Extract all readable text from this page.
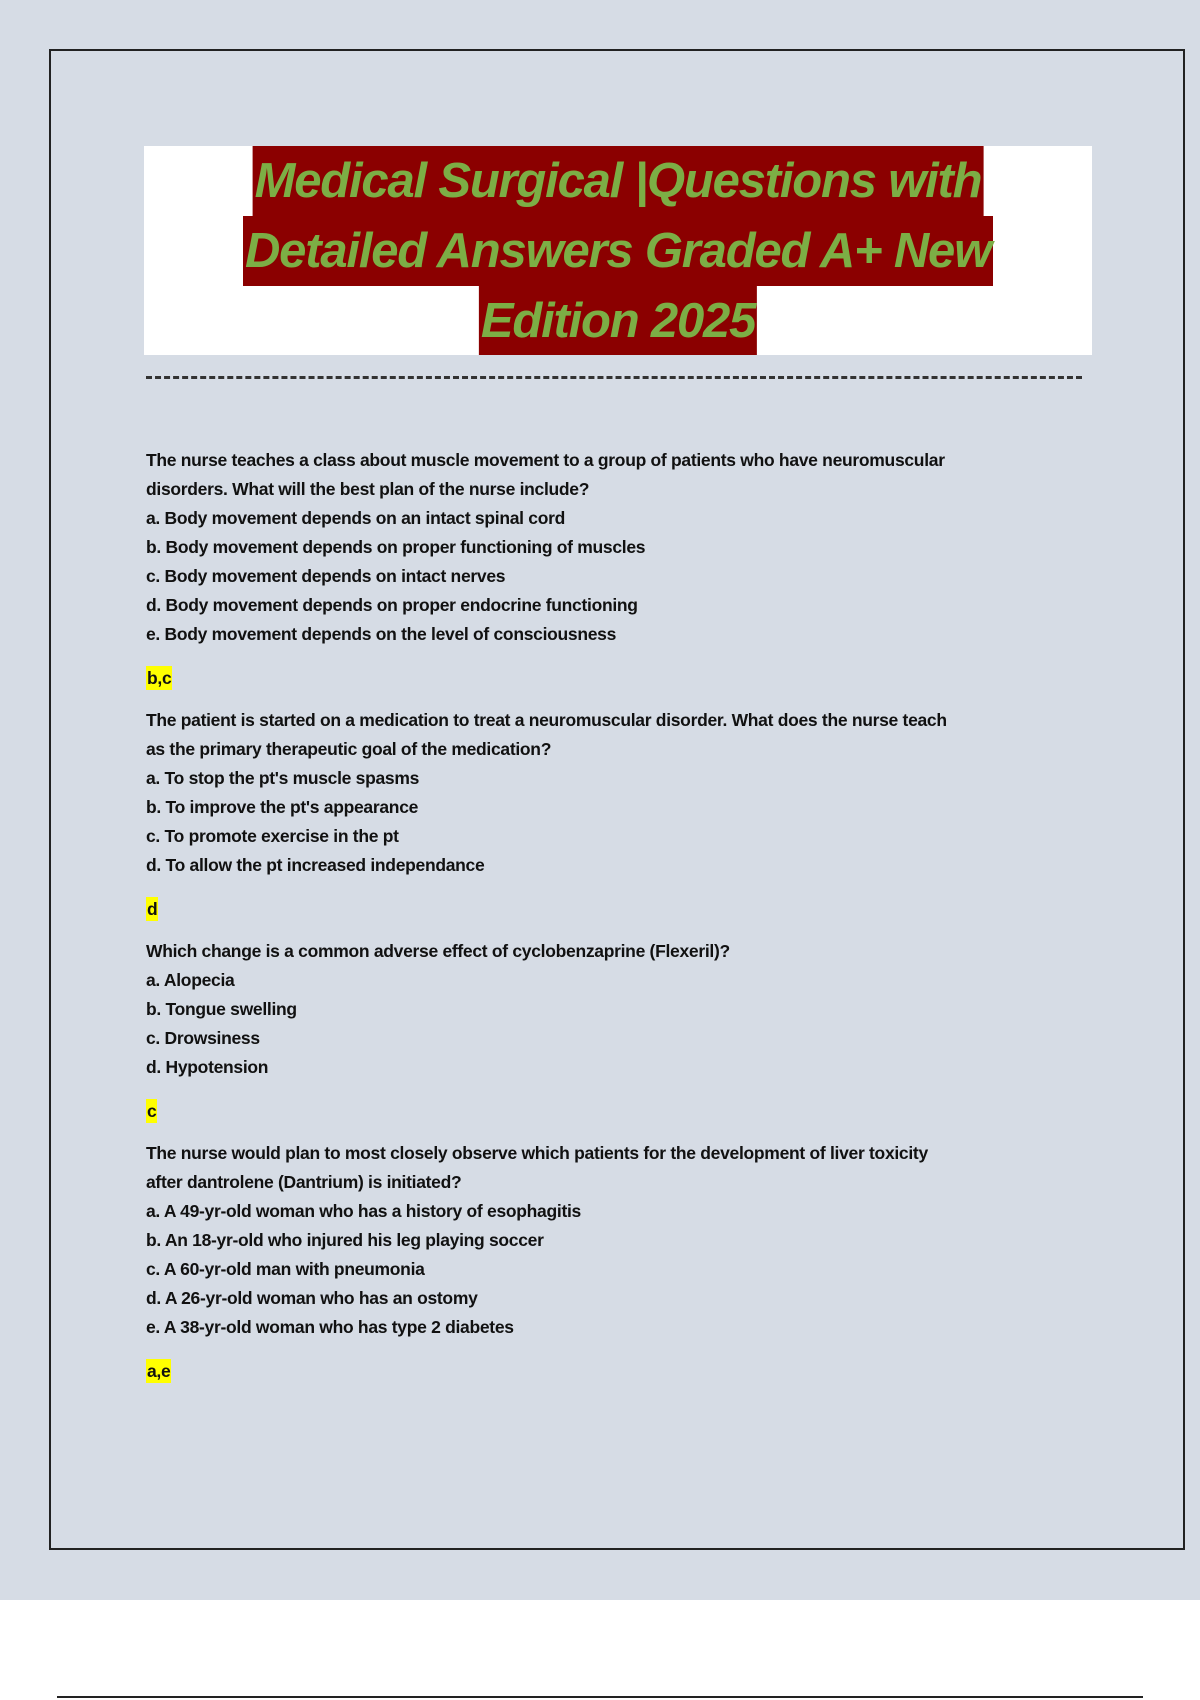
Medical Surgical |Questions with
Detailed Answers Graded A+ New
Edition 2025

The nurse teaches a class about muscle movement to a group of patients who have neuromuscular

disorders. What will the best plan of the nurse include?

a. Body movement depends on an intact spinal cord

b. Body movement depends on proper functioning of muscles

c. Body movement depends on intact nerves

d. Body movement depends on proper endocrine functioning

e. Body movement depends on the level of consciousness

b,c

The patient is started on a medication to treat a neuromuscular disorder. What does the nurse teach

as the primary therapeutic goal of the medication?

a. To stop the pt's muscle spasms

b. To improve the pt's appearance

c. To promote exercise in the pt

d. To allow the pt increased independance

d

Which change is a common adverse effect of cyclobenzaprine (Flexeril)?

a. Alopecia

b. Tongue swelling

c. Drowsiness

d. Hypotension

c

The nurse would plan to most closely observe which patients for the development of liver toxicity

after dantrolene (Dantrium) is initiated?

a. A 49-yr-old woman who has a history of esophagitis

b. An 18-yr-old who injured his leg playing soccer

c. A 60-yr-old man with pneumonia

d. A 26-yr-old woman who has an ostomy

e. A 38-yr-old woman who has type 2 diabetes

a,e
